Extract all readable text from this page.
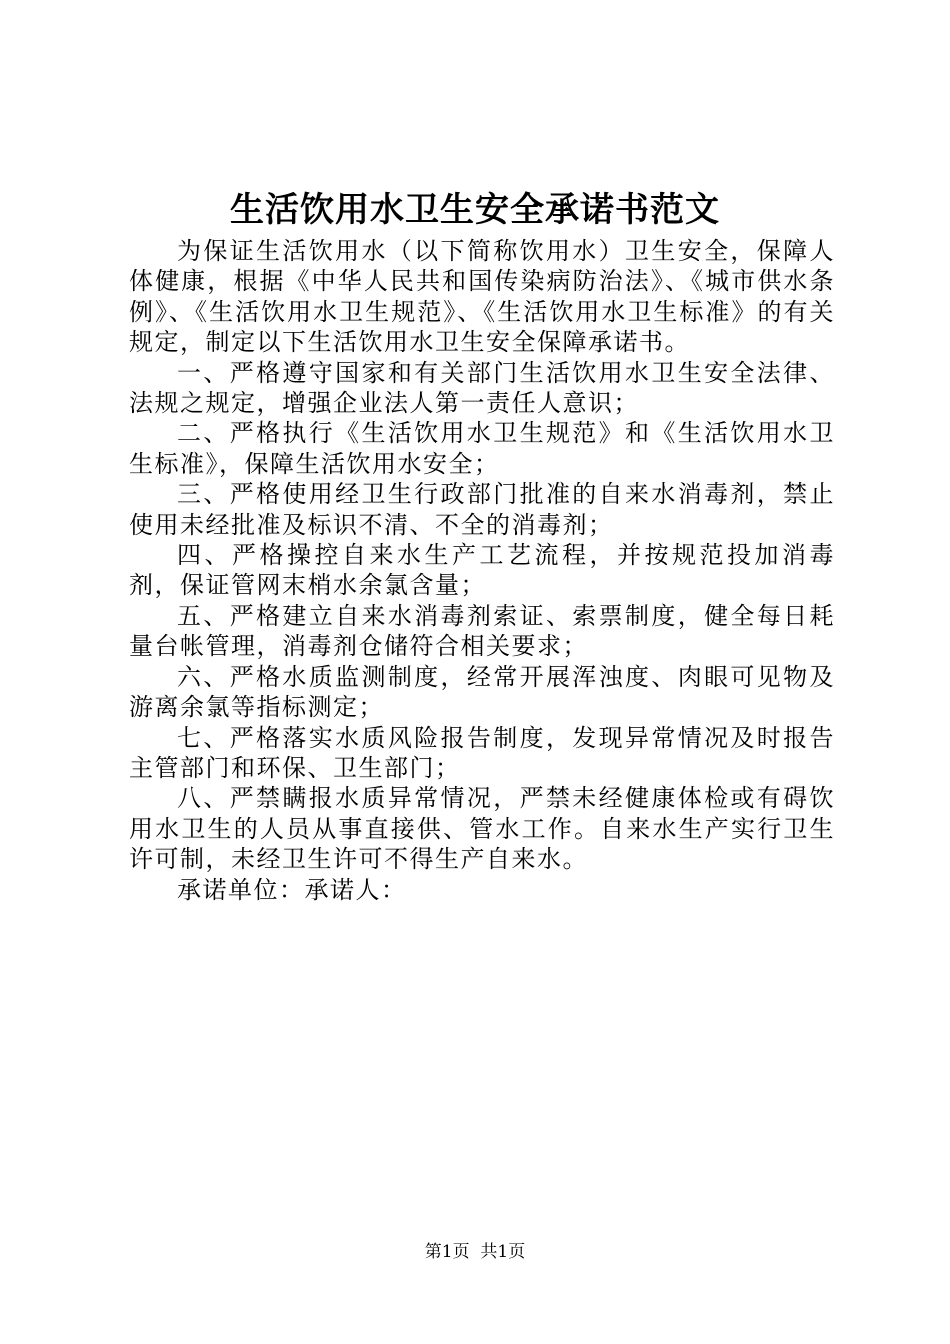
生活饮用水卫生安全承诺书范文

为保证生活饮用水（以下简称饮用水）卫生安全，保障人体健康，根据《中华人民共和国传染病防治法》、《城市供水条例》、《生活饮用水卫生规范》、《生活饮用水卫生标准》的有关规定，制定以下生活饮用水卫生安全保障承诺书。

一、严格遵守国家和有关部门生活饮用水卫生安全法律、法规之规定，增强企业法人第一责任人意识；

二、严格执行《生活饮用水卫生规范》和《生活饮用水卫生标准》，保障生活饮用水安全；

三、严格使用经卫生行政部门批准的自来水消毒剂，禁止使用未经批准及标识不清、不全的消毒剂；

四、严格操控自来水生产工艺流程，并按规范投加消毒剂，保证管网末梢水余氯含量；

五、严格建立自来水消毒剂索证、索票制度，健全每日耗量台帐管理，消毒剂仓储符合相关要求；

六、严格水质监测制度，经常开展浑浊度、肉眼可见物及游离余氯等指标测定；

七、严格落实水质风险报告制度，发现异常情况及时报告主管部门和环保、卫生部门；

八、严禁瞒报水质异常情况，严禁未经健康体检或有碍饮用水卫生的人员从事直接供、管水工作。自来水生产实行卫生许可制，未经卫生许可不得生产自来水。

承诺单位：承诺人：

第1页  共1页
